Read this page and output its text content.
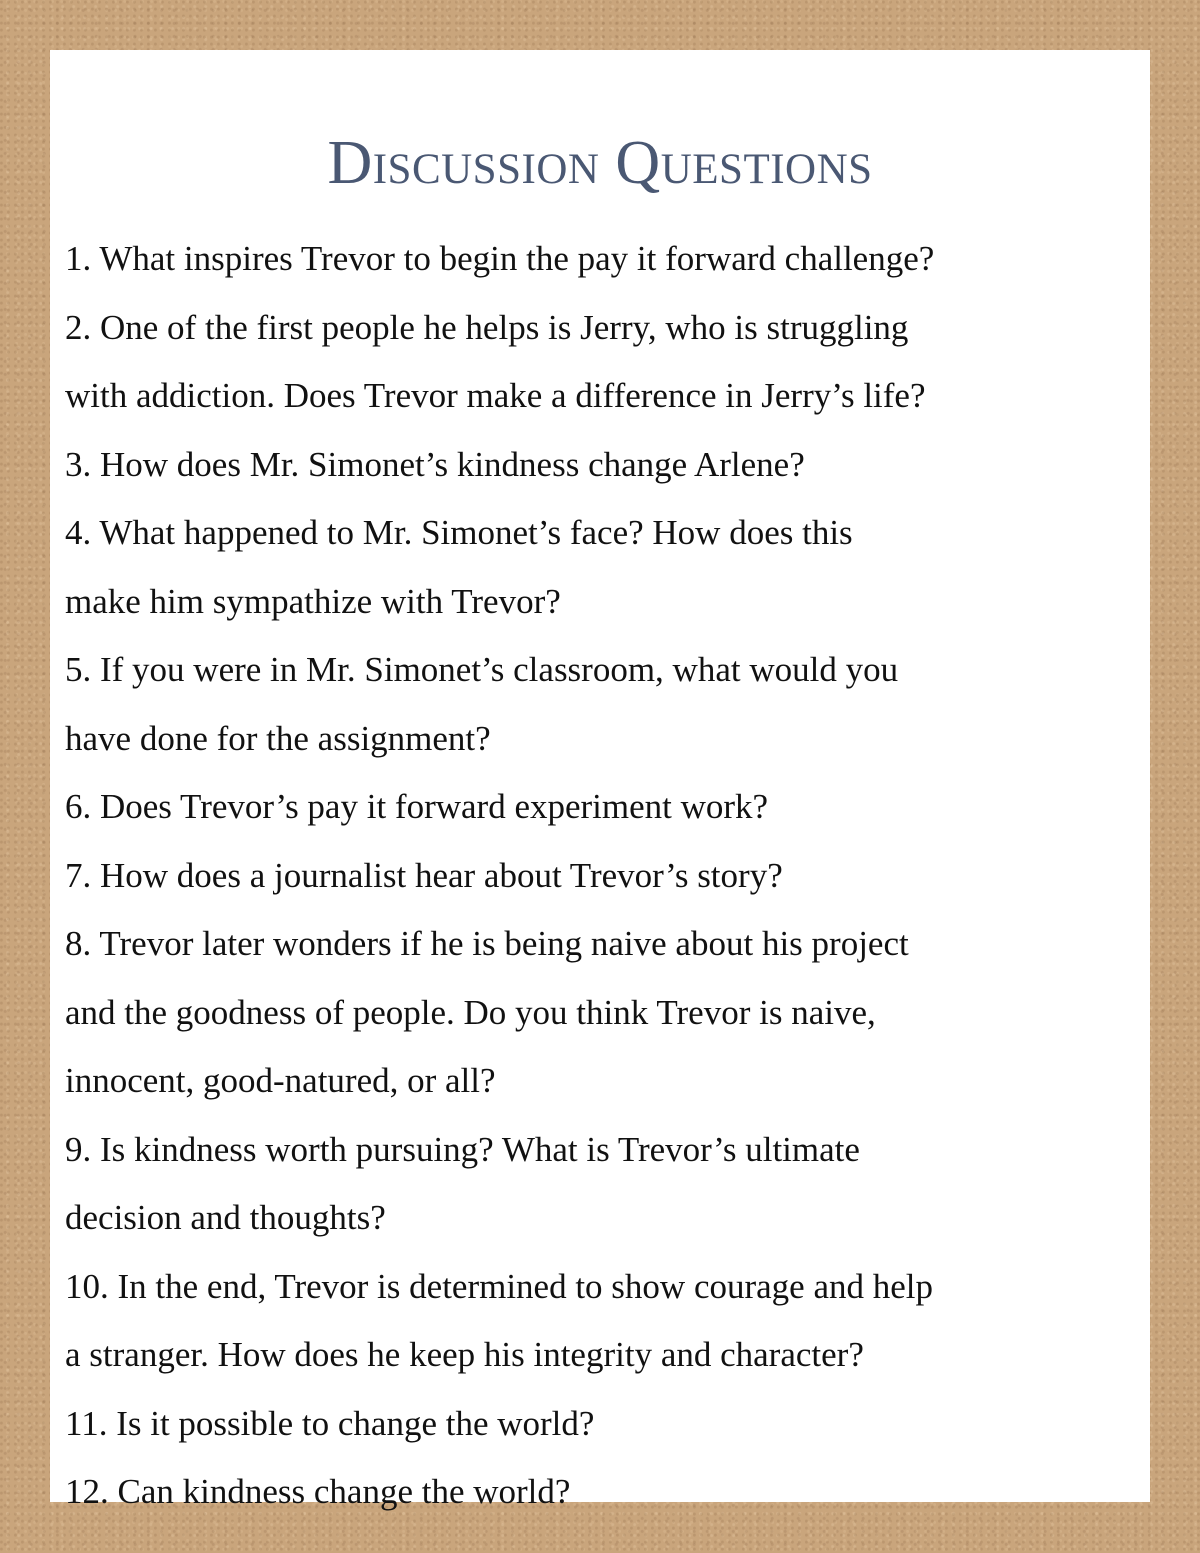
Discussion Questions
1. What inspires Trevor to begin the pay it forward challenge?
2. One of the first people he helps is Jerry, who is struggling
with addiction. Does Trevor make a difference in Jerry’s life?
3. How does Mr. Simonet’s kindness change Arlene?
4. What happened to Mr. Simonet’s face? How does this
make him sympathize with Trevor?
5. If you were in Mr. Simonet’s classroom, what would you
have done for the assignment?
6. Does Trevor’s pay it forward experiment work?
7. How does a journalist hear about Trevor’s story?
8. Trevor later wonders if he is being naive about his project
and the goodness of people. Do you think Trevor is naive,
innocent, good-natured, or all?
9. Is kindness worth pursuing? What is Trevor’s ultimate
decision and thoughts?
10. In the end, Trevor is determined to show courage and help
a stranger. How does he keep his integrity and character?
11. Is it possible to change the world?
12. Can kindness change the world?
